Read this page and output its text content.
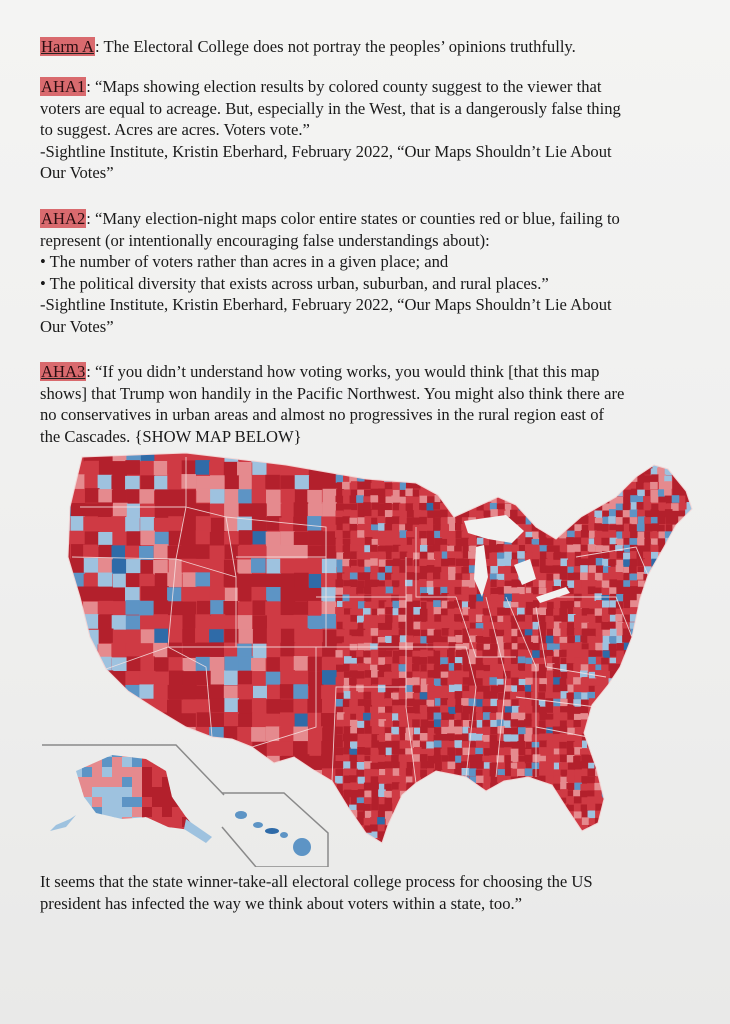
Harm A: The Electoral College does not portray the peoples’ opinions truthfully.
AHA1: “Maps showing election results by colored county suggest to the viewer that
voters are equal to acreage. But, especially in the West, that is a dangerously false thing
to suggest. Acres are acres. Voters vote.”
-Sightline Institute, Kristin Eberhard, February 2022, “Our Maps Shouldn’t Lie About
Our Votes”
AHA2: “Many election-night maps color entire states or counties red or blue, failing to
represent (or intentionally encouraging false understandings about):
• The number of voters rather than acres in a given place; and
• The political diversity that exists across urban, suburban, and rural places.”
-Sightline Institute, Kristin Eberhard, February 2022, “Our Maps Shouldn’t Lie About
Our Votes”
AHA3: “If you didn’t understand how voting works, you would think [that this map
shows] that Trump won handily in the Pacific Northwest. You might also think there are
no conservatives in urban areas and almost no progressives in the rural region east of
the Cascades. {SHOW MAP BELOW}
It seems that the state winner-take-all electoral college process for choosing the US
president has infected the way we think about voters within a state, too.”
